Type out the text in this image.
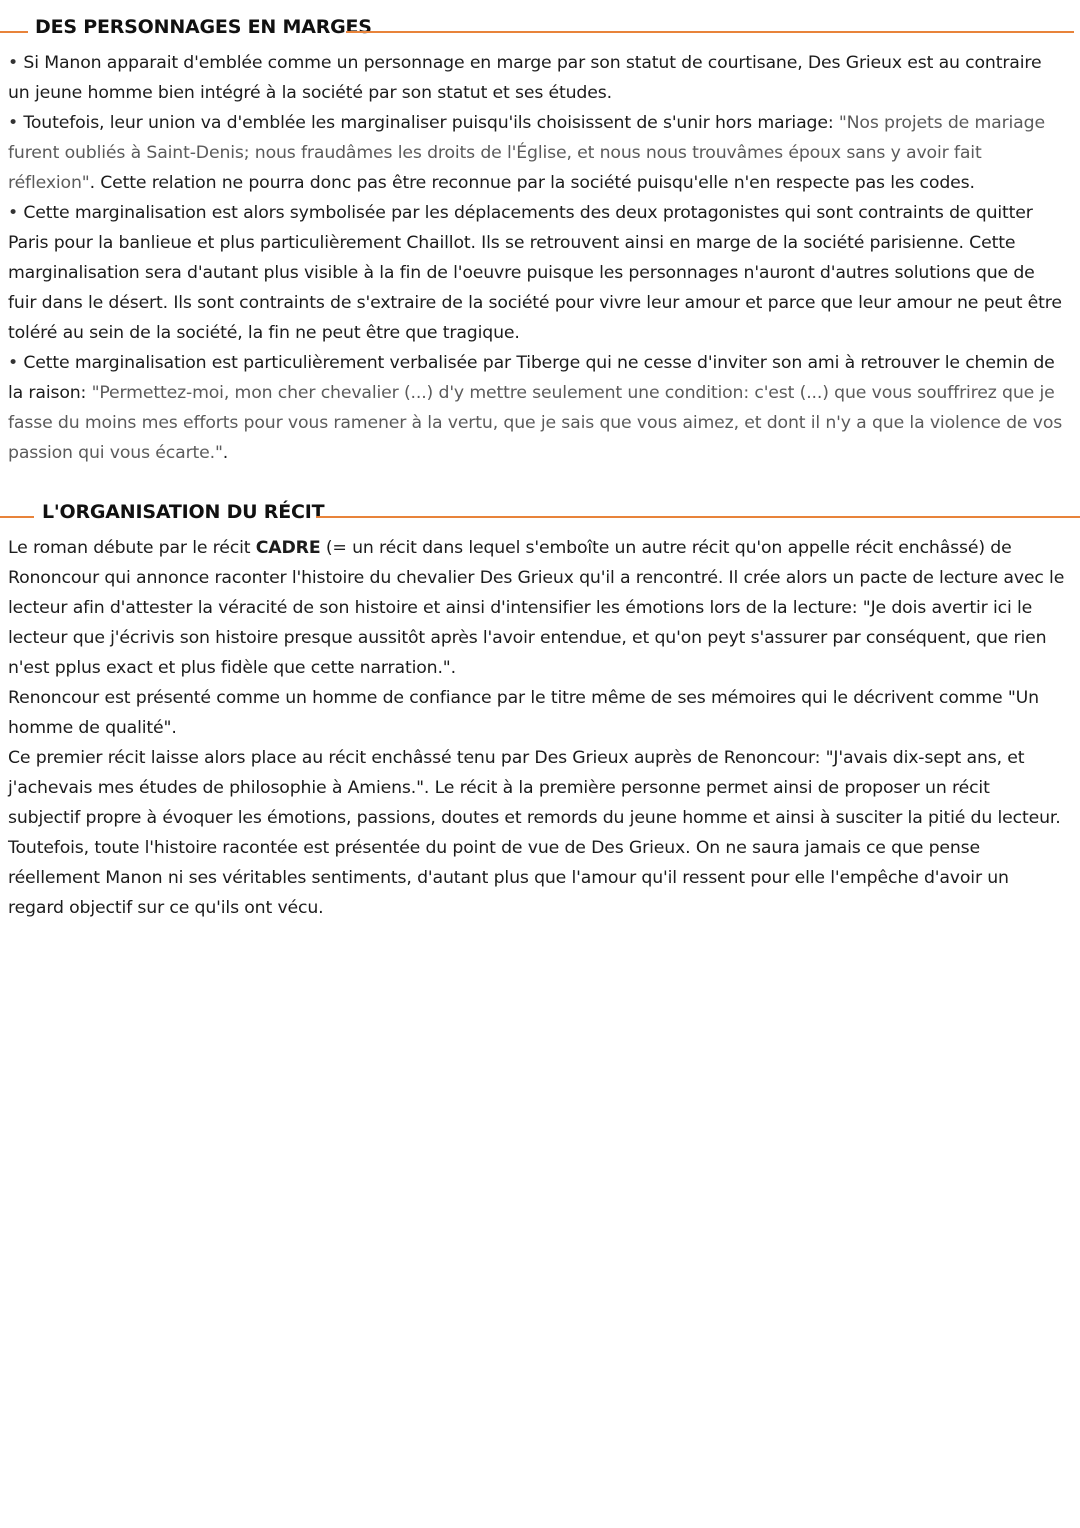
DES PERSONNAGES EN MARGES

• Si Manon apparait d'emblée comme un personnage en marge par son statut de courtisane, Des Grieux est au contraire un jeune homme bien intégré à la société par son statut et ses études.

• Toutefois, leur union va d'emblée les marginaliser puisqu'ils choisissent de s'unir hors mariage: "Nos projets de mariage furent oubliés à Saint-Denis; nous fraudâmes les droits de l'Église, et nous nous trouvâmes époux sans y avoir fait réflexion". Cette relation ne pourra donc pas être reconnue par la société puisqu'elle n'en respecte pas les codes.

• Cette marginalisation est alors symbolisée par les déplacements des deux protagonistes qui sont contraints de quitter Paris pour la banlieue et plus particulièrement Chaillot. Ils se retrouvent ainsi en marge de la société parisienne. Cette marginalisation sera d'autant plus visible à la fin de l'oeuvre puisque les personnages n'auront d'autres solutions que de fuir dans le désert. Ils sont contraints de s'extraire de la société pour vivre leur amour et parce que leur amour ne peut être toléré au sein de la société, la fin ne peut être que tragique.

• Cette marginalisation est particulièrement verbalisée par Tiberge qui ne cesse d'inviter son ami à retrouver le chemin de la raison: "Permettez-moi, mon cher chevalier (...) d'y mettre seulement une condition: c'est (...) que vous souffrirez que je fasse du moins mes efforts pour vous ramener à la vertu, que je sais que vous aimez, et dont il n'y a que la violence de vos passion qui vous écarte.".

L'ORGANISATION DU RÉCIT

Le roman débute par le récit CADRE (= un récit dans lequel s'emboîte un autre récit qu'on appelle récit enchâssé) de Rononcour qui annonce raconter l'histoire du chevalier Des Grieux qu'il a rencontré. Il crée alors un pacte de lecture avec le lecteur afin d'attester la véracité de son histoire et ainsi d'intensifier les émotions lors de la lecture: "Je dois avertir ici le lecteur que j'écrivis son histoire presque aussitôt après l'avoir entendue, et qu'on peyt s'assurer par conséquent, que rien n'est pplus exact et plus fidèle que cette narration.".

Renoncour est présenté comme un homme de confiance par le titre même de ses mémoires qui le décrivent comme "Un homme de qualité".

Ce premier récit laisse alors place au récit enchâssé tenu par Des Grieux auprès de Renoncour: "J'avais dix-sept ans, et j'achevais mes études de philosophie à Amiens.". Le récit à la première personne permet ainsi de proposer un récit subjectif propre à évoquer les émotions, passions, doutes et remords du jeune homme et ainsi à susciter la pitié du lecteur. Toutefois, toute l'histoire racontée est présentée du point de vue de Des Grieux. On ne saura jamais ce que pense réellement Manon ni ses véritables sentiments, d'autant plus que l'amour qu'il ressent pour elle l'empêche d'avoir un regard objectif sur ce qu'ils ont vécu.
